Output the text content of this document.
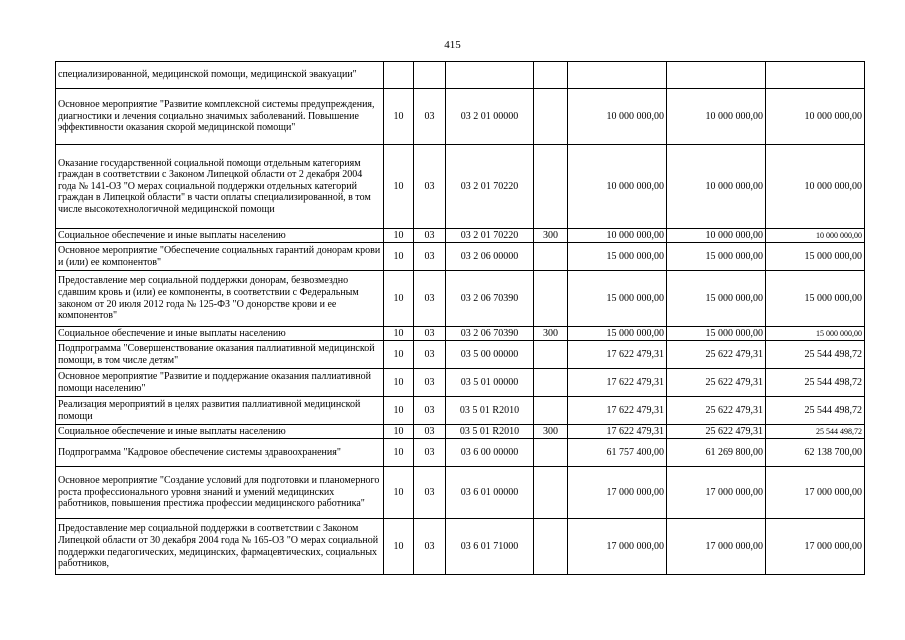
415
специализированной, медицинской помощи, медицинской эвакуации"							
Основное мероприятие "Развитие комплексной системы предупреждения, диагностики и лечения социально значимых заболеваний. Повышение эффективности оказания скорой медицинской помощи"	10	03	03 2 01 00000		10 000 000,00	10 000 000,00	10 000 000,00
Оказание государственной социальной помощи отдельным категориям граждан в соответствии с Законом Липецкой области от 2 декабря 2004 года № 141-ОЗ "О мерах социальной поддержки отдельных категорий граждан в Липецкой области" в части оплаты специализированной, в том числе высокотехнологичной медицинской помощи	10	03	03 2 01 70220		10 000 000,00	10 000 000,00	10 000 000,00
Социальное обеспечение и иные выплаты населению	10	03	03 2 01 70220	300	10 000 000,00	10 000 000,00	10 000 000,00
Основное мероприятие "Обеспечение социальных гарантий донорам крови и (или) ее компонентов"	10	03	03 2 06 00000		15 000 000,00	15 000 000,00	15 000 000,00
Предоставление мер социальной поддержки донорам, безвозмездно сдавшим кровь и (или) ее компоненты, в соответствии с Федеральным законом от 20 июля 2012 года № 125-ФЗ "О донорстве крови и ее компонентов"	10	03	03 2 06 70390		15 000 000,00	15 000 000,00	15 000 000,00
Социальное обеспечение и иные выплаты населению	10	03	03 2 06 70390	300	15 000 000,00	15 000 000,00	15 000 000,00
Подпрограмма "Совершенствование оказания паллиативной медицинской помощи, в том числе детям"	10	03	03 5 00 00000		17 622 479,31	25 622 479,31	25 544 498,72
Основное мероприятие "Развитие и поддержание оказания паллиативной помощи населению"	10	03	03 5 01 00000		17 622 479,31	25 622 479,31	25 544 498,72
Реализация мероприятий в целях развития паллиативной медицинской помощи	10	03	03 5 01 R2010		17 622 479,31	25 622 479,31	25 544 498,72
Социальное обеспечение и иные выплаты населению	10	03	03 5 01 R2010	300	17 622 479,31	25 622 479,31	25 544 498,72
Подпрограмма "Кадровое обеспечение системы здравоохранения"	10	03	03 6 00 00000		61 757 400,00	61 269 800,00	62 138 700,00
Основное мероприятие "Создание условий для подготовки и планомерного роста профессионального уровня знаний и умений медицинских работников, повышения престижа профессии медицинского работника"	10	03	03 6 01 00000		17 000 000,00	17 000 000,00	17 000 000,00
Предоставление мер социальной поддержки в соответствии с Законом Липецкой области от 30 декабря 2004 года № 165-ОЗ "О мерах социальной поддержки педагогических, медицинских, фармацевтических, социальных работников,	10	03	03 6 01 71000		17 000 000,00	17 000 000,00	17 000 000,00
